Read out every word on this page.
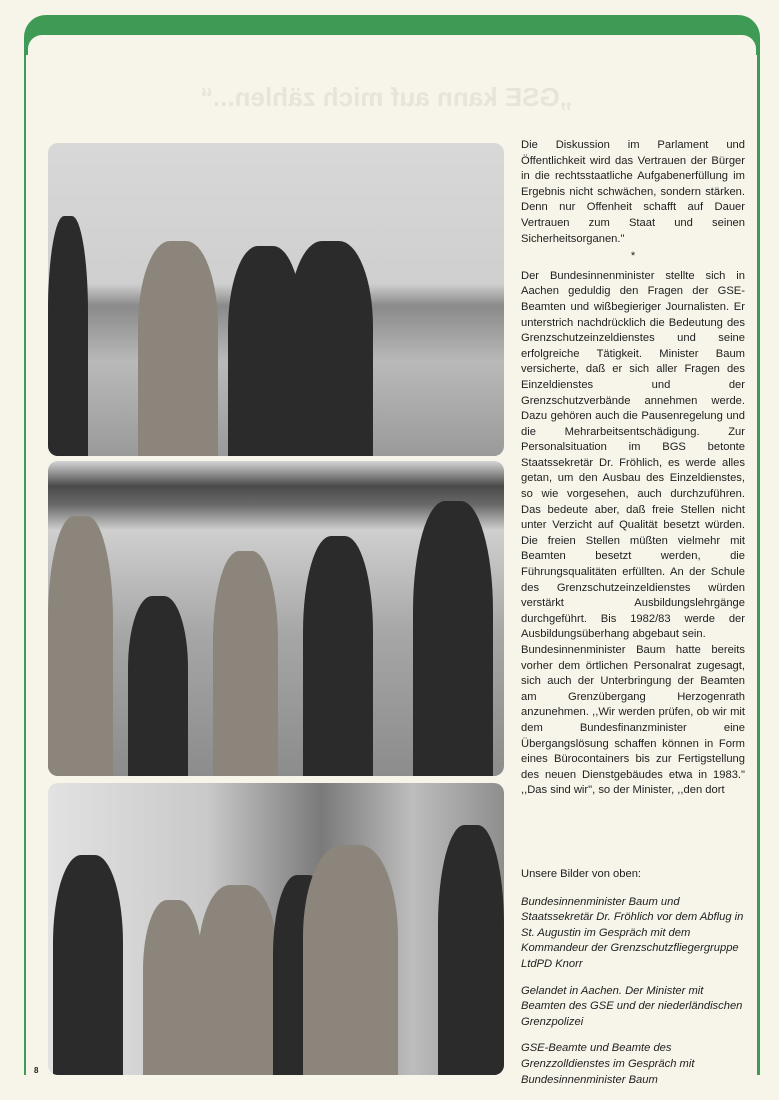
„GSE kann auf mich zählen...“

Die Diskussion im Parlament und Öffentlichkeit wird das Vertrauen der Bürger in die rechtsstaatliche Aufgabenerfüllung im Ergebnis nicht schwächen, sondern stärken. Denn nur Offenheit schafft auf Dauer Vertrauen zum Staat und seinen Sicherheitsorganen."

*

Der Bundesinnenminister stellte sich in Aachen geduldig den Fragen der GSE-Beamten und wißbegieriger Journalisten. Er unterstrich nachdrücklich die Bedeutung des Grenzschutzeinzeldienstes und seine erfolgreiche Tätigkeit. Minister Baum versicherte, daß er sich aller Fragen des Einzeldienstes und der Grenzschutzverbände annehmen werde. Dazu gehören auch die Pausenregelung und die Mehrarbeitsentschädigung. Zur Personalsituation im BGS betonte Staatssekretär Dr. Fröhlich, es werde alles getan, um den Ausbau des Einzeldienstes, so wie vorgesehen, auch durchzuführen. Das bedeute aber, daß freie Stellen nicht unter Verzicht auf Qualität besetzt würden. Die freien Stellen müßten vielmehr mit Beamten besetzt werden, die Führungsqualitäten erfüllten. An der Schule des Grenzschutzeinzeldienstes würden verstärkt Ausbildungslehrgänge durchgeführt. Bis 1982/83 werde der Ausbildungsüberhang abgebaut sein.

Bundesinnenminister Baum hatte bereits vorher dem örtlichen Personalrat zugesagt, sich auch der Unterbringung der Beamten am Grenzübergang Herzogenrath anzunehmen. ,,Wir werden prüfen, ob wir mit dem Bundesfinanzminister eine Übergangslösung schaffen können in Form eines Bürocontainers bis zur Fertigstellung des neuen Dienstgebäudes etwa in 1983." ,,Das sind wir", so der Minister, ,,den dort

Unsere Bilder von oben:

Bundesinnenminister Baum und Staatssekretär Dr. Fröhlich vor dem Abflug in St. Augustin im Gespräch mit dem Kommandeur der Grenzschutzfliegergruppe LtdPD Knorr

Gelandet in Aachen. Der Minister mit Beamten des GSE und der niederländischen Grenzpolizei

GSE-Beamte und Beamte des Grenzzolldienstes im Gespräch mit Bundesinnenminister Baum

8
